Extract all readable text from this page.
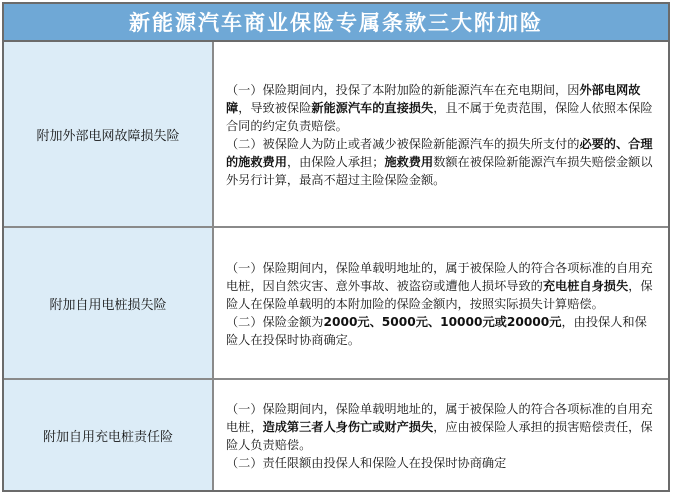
新能源汽车商业保险专属条款三大附加险
附加外部电网故障损失险

（一）保险期间内，投保了本附加险的新能源汽车在充电期间，因外部电网故障，导致被保险新能源汽车的直接损失，且不属于免责范围，保险人依照本保险合同的约定负责赔偿。

（二）被保险人为防止或者减少被保险新能源汽车的损失所支付的必要的、合理的施救费用，由保险人承担；施救费用数额在被保险新能源汽车损失赔偿金额以外另行计算，最高不超过主险保险金额。

附加自用电桩损失险

（一）保险期间内，保险单载明地址的，属于被保险人的符合各项标准的自用充电桩，因自然灾害、意外事故、被盗窃或遭他人损坏导致的充电桩自身损失，保险人在保险单载明的本附加险的保险金额内，按照实际损失计算赔偿。

（二）保险金额为2000元、5000元、10000元或20000元，由投保人和保险人在投保时协商确定。

附加自用充电桩责任险

（一）保险期间内，保险单载明地址的，属于被保险人的符合各项标准的自用充电桩，造成第三者人身伤亡或财产损失，应由被保险人承担的损害赔偿责任，保险人负责赔偿。

（二）责任限额由投保人和保险人在投保时协商确定
